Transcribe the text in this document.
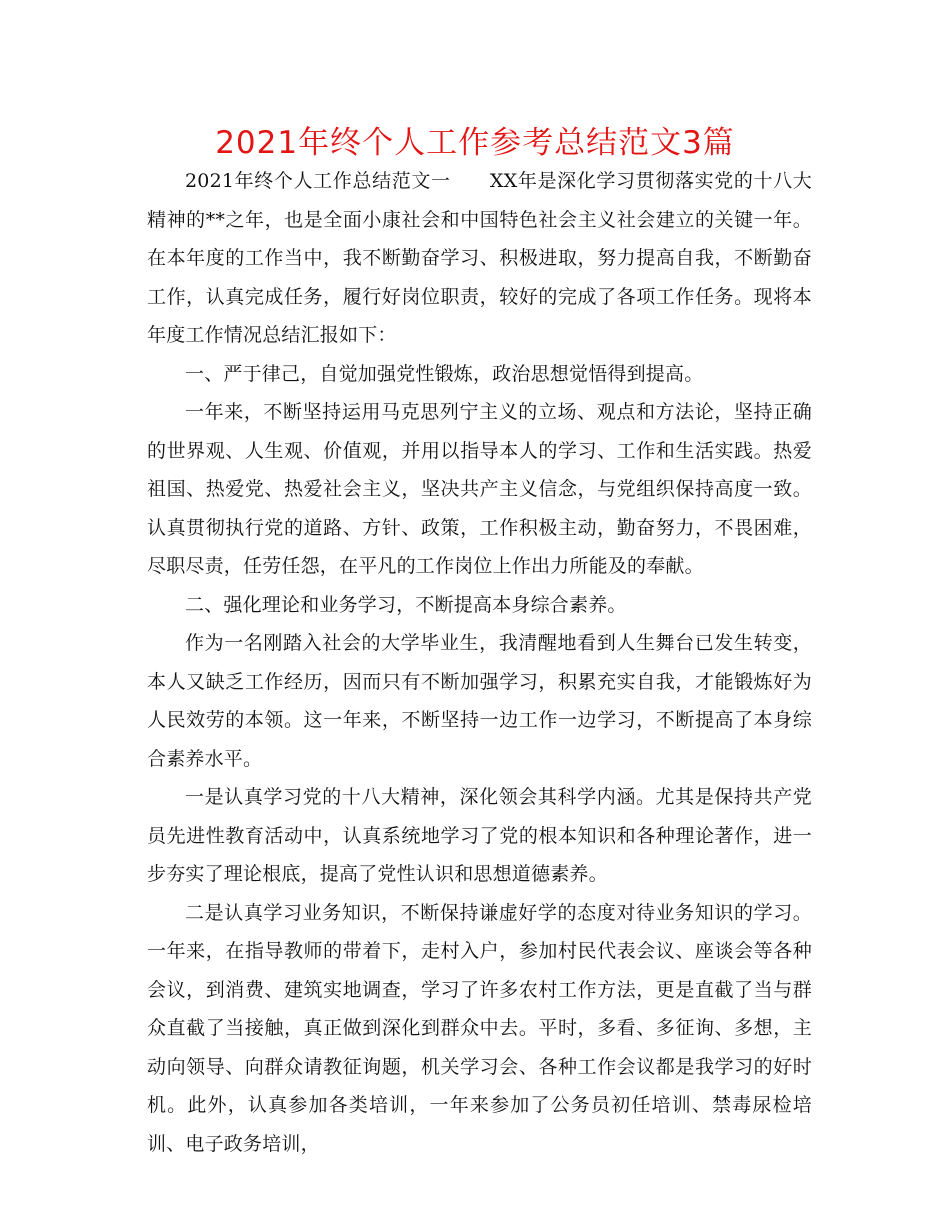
2021年终个人工作参考总结范文3篇

2021年终个人工作总结范文一　　XX年是深化学习贯彻落实党的十八大精神的**之年，也是全面小康社会和中国特色社会主义社会建立的关键一年。在本年度的工作当中，我不断勤奋学习、积极进取，努力提高自我，不断勤奋工作，认真完成任务，履行好岗位职责，较好的完成了各项工作任务。现将本年度工作情况总结汇报如下：

一、严于律己，自觉加强党性锻炼，政治思想觉悟得到提高。

一年来，不断坚持运用马克思列宁主义的立场、观点和方法论，坚持正确的世界观、人生观、价值观，并用以指导本人的学习、工作和生活实践。热爱祖国、热爱党、热爱社会主义，坚决共产主义信念，与党组织保持高度一致。认真贯彻执行党的道路、方针、政策，工作积极主动，勤奋努力，不畏困难，尽职尽责，任劳任怨，在平凡的工作岗位上作出力所能及的奉献。

二、强化理论和业务学习，不断提高本身综合素养。

作为一名刚踏入社会的大学毕业生，我清醒地看到人生舞台已发生转变，本人又缺乏工作经历，因而只有不断加强学习，积累充实自我，才能锻炼好为人民效劳的本领。这一年来，不断坚持一边工作一边学习，不断提高了本身综合素养水平。

一是认真学习党的十八大精神，深化领会其科学内涵。尤其是保持共产党员先进性教育活动中，认真系统地学习了党的根本知识和各种理论著作，进一步夯实了理论根底，提高了党性认识和思想道德素养。

二是认真学习业务知识，不断保持谦虚好学的态度对待业务知识的学习。一年来，在指导教师的带着下，走村入户，参加村民代表会议、座谈会等各种会议，到消费、建筑实地调查，学习了许多农村工作方法，更是直截了当与群众直截了当接触，真正做到深化到群众中去。平时，多看、多征询、多想，主动向领导、向群众请教征询题，机关学习会、各种工作会议都是我学习的好时机。此外，认真参加各类培训，一年来参加了公务员初任培训、禁毒尿检培训、电子政务培训，
